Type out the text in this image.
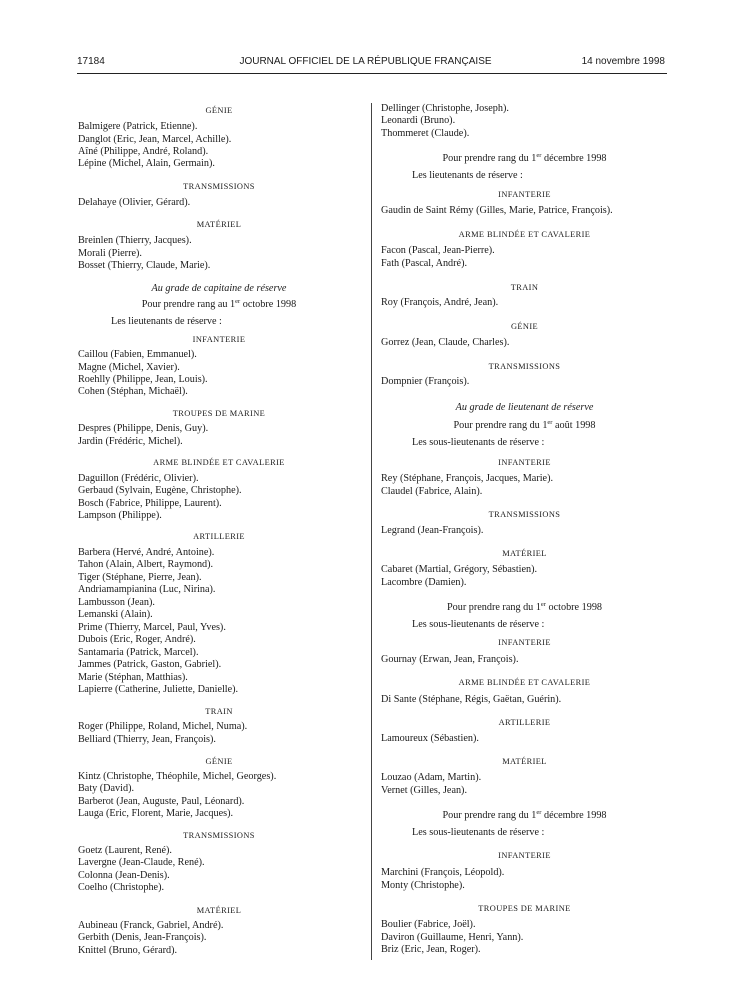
JOURNAL OFFICIEL DE LA RÉPUBLIQUE FRANÇAISE
17184	14 novembre 1998
GÉNIE
Balmigere (Patrick, Etienne).
Danglot (Eric, Jean, Marcel, Achille).
Aîné (Philippe, André, Roland).
Lépine (Michel, Alain, Germain).
TRANSMISSIONS
Delahaye (Olivier, Gérard).
MATÉRIEL
Breinlen (Thierry, Jacques).
Morali (Pierre).
Bosset (Thierry, Claude, Marie).
Au grade de capitaine de réserve
Pour prendre rang au 1er octobre 1998
Les lieutenants de réserve :
INFANTERIE
Caillou (Fabien, Emmanuel).
Magne (Michel, Xavier).
Roehlly (Philippe, Jean, Louis).
Cohen (Stéphan, Michaël).
TROUPES DE MARINE
Despres (Philippe, Denis, Guy).
Jardin (Frédéric, Michel).
ARME BLINDÉE ET CAVALERIE
Daguillon (Frédéric, Olivier).
Gerbaud (Sylvain, Eugène, Christophe).
Bosch (Fabrice, Philippe, Laurent).
Lampson (Philippe).
ARTILLERIE
Barbera (Hervé, André, Antoine).
Tahon (Alain, Albert, Raymond).
Tiger (Stéphane, Pierre, Jean).
Andriamampianina (Luc, Nirina).
Lambusson (Jean).
Lemanski (Alain).
Prime (Thierry, Marcel, Paul, Yves).
Dubois (Eric, Roger, André).
Santamaria (Patrick, Marcel).
Jammes (Patrick, Gaston, Gabriel).
Marie (Stéphan, Matthias).
Lapierre (Catherine, Juliette, Danielle).
TRAIN
Roger (Philippe, Roland, Michel, Numa).
Belliard (Thierry, Jean, François).
GÉNIE
Kintz (Christophe, Théophile, Michel, Georges).
Baty (David).
Barberot (Jean, Auguste, Paul, Léonard).
Lauga (Eric, Florent, Marie, Jacques).
TRANSMISSIONS
Goetz (Laurent, René).
Lavergne (Jean-Claude, René).
Colonna (Jean-Denis).
Coelho (Christophe).
MATÉRIEL
Aubineau (Franck, Gabriel, André).
Gerbith (Denis, Jean-François).
Knittel (Bruno, Gérard).
Dellinger (Christophe, Joseph).
Leonardi (Bruno).
Thommeret (Claude).
Pour prendre rang du 1er décembre 1998
Les lieutenants de réserve :
INFANTERIE
Gaudin de Saint Rémy (Gilles, Marie, Patrice, François).
ARME BLINDÉE ET CAVALERIE
Facon (Pascal, Jean-Pierre).
Fath (Pascal, André).
TRAIN
Roy (François, André, Jean).
GÉNIE
Gorrez (Jean, Claude, Charles).
TRANSMISSIONS
Dompnier (François).
Au grade de lieutenant de réserve
Pour prendre rang du 1er août 1998
Les sous-lieutenants de réserve :
INFANTERIE
Rey (Stéphane, François, Jacques, Marie).
Claudel (Fabrice, Alain).
TRANSMISSIONS
Legrand (Jean-François).
MATÉRIEL
Cabaret (Martial, Grégory, Sébastien).
Lacombre (Damien).
Pour prendre rang du 1er octobre 1998
Les sous-lieutenants de réserve :
INFANTERIE
Gournay (Erwan, Jean, François).
ARME BLINDÉE ET CAVALERIE
Di Sante (Stéphane, Régis, Gaëtan, Guérin).
ARTILLERIE
Lamoureux (Sébastien).
MATÉRIEL
Louzao (Adam, Martin).
Vernet (Gilles, Jean).
Pour prendre rang du 1er décembre 1998
Les sous-lieutenants de réserve :
INFANTERIE
Marchini (François, Léopold).
Monty (Christophe).
TROUPES DE MARINE
Boulier (Fabrice, Joël).
Daviron (Guillaume, Henri, Yann).
Briz (Eric, Jean, Roger).
